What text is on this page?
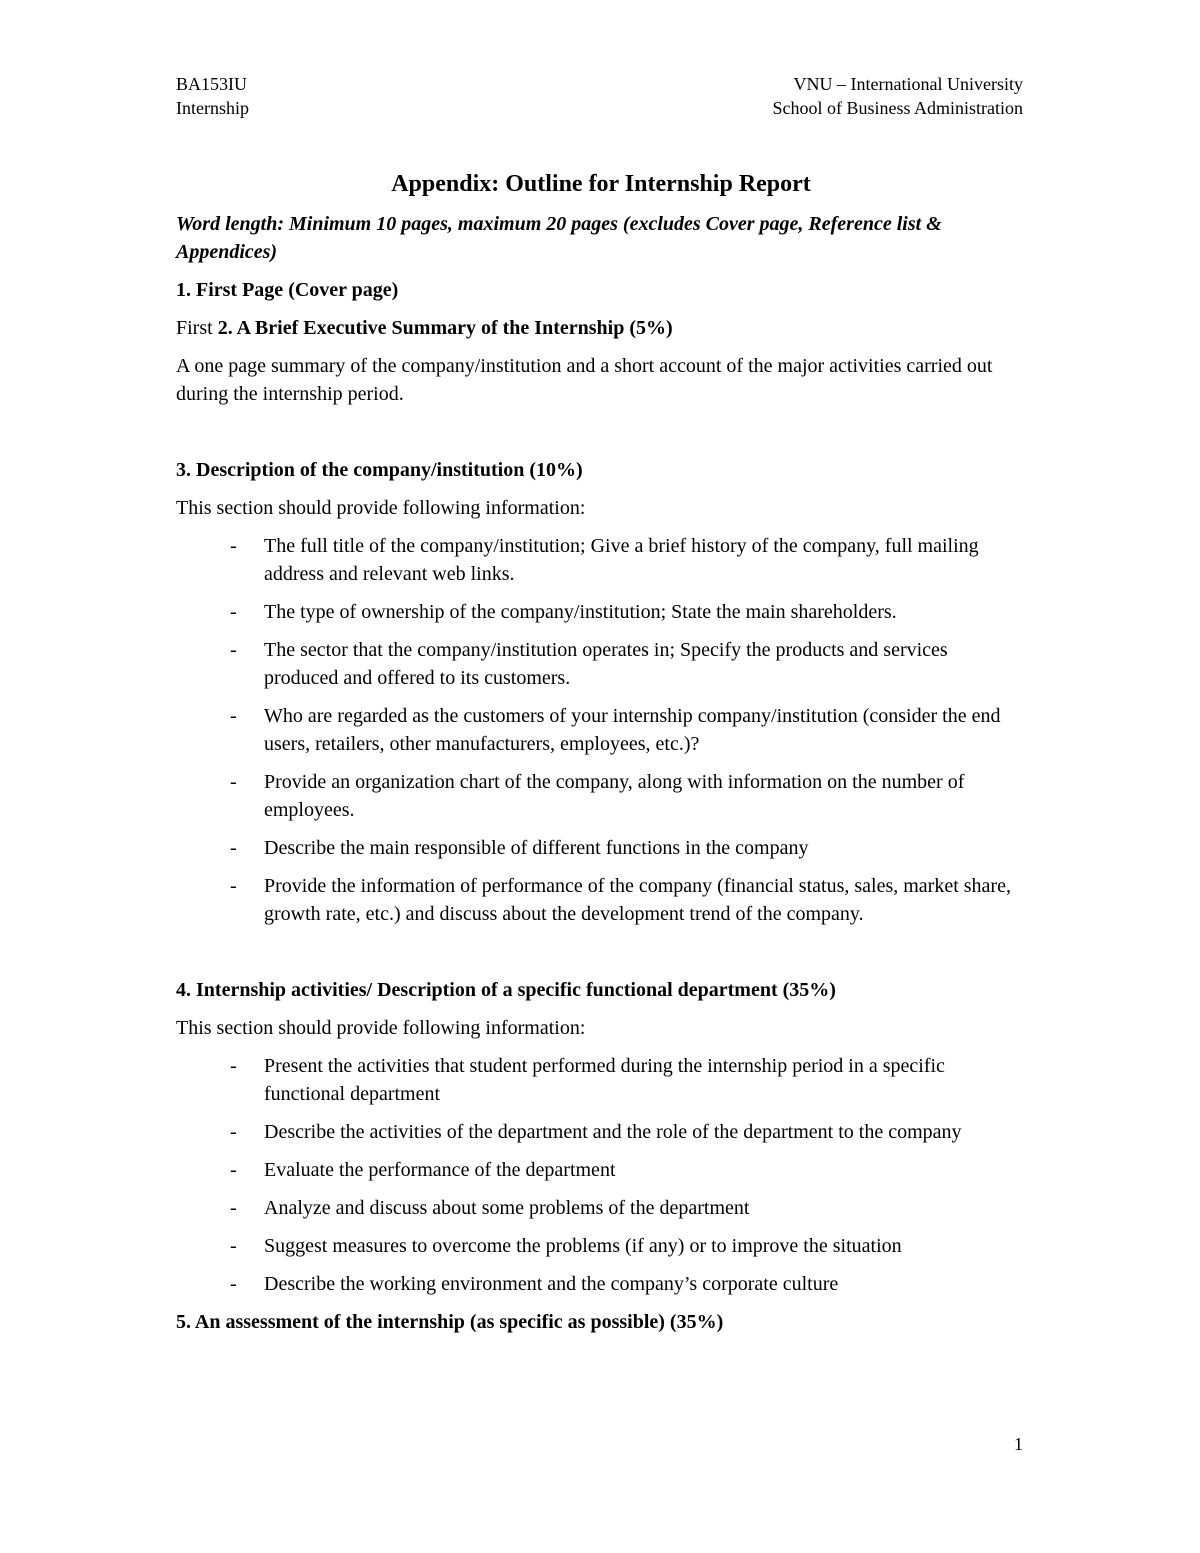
BA153IU
Internship
VNU – International University
School of Business Administration
Appendix: Outline for Internship Report

Word length: Minimum 10 pages, maximum 20 pages (excludes Cover page, Reference list & Appendices)

1. First Page (Cover page)

First 2. A Brief Executive Summary of the Internship (5%)

A one page summary of the company/institution and a short account of the major activities carried out during the internship period.

3. Description of the company/institution (10%)

This section should provide following information:

- The full title of the company/institution; Give a brief history of the company, full mailing address and relevant web links.
- The type of ownership of the company/institution; State the main shareholders.
- The sector that the company/institution operates in; Specify the products and services produced and offered to its customers.
- Who are regarded as the customers of your internship company/institution (consider the end users, retailers, other manufacturers, employees, etc.)?
- Provide an organization chart of the company, along with information on the number of employees.
- Describe the main responsible of different functions in the company
- Provide the information of performance of the company (financial status, sales, market share, growth rate, etc.) and discuss about the development trend of the company.

4. Internship activities/ Description of a specific functional department (35%)

This section should provide following information:

- Present the activities that student performed during the internship period in a specific functional department
- Describe the activities of the department and the role of the department to the company
- Evaluate the performance of the department
- Analyze and discuss about some problems of the department
- Suggest measures to overcome the problems (if any) or to improve the situation
- Describe the working environment and the company’s corporate culture

5. An assessment of the internship (as specific as possible) (35%)

1
